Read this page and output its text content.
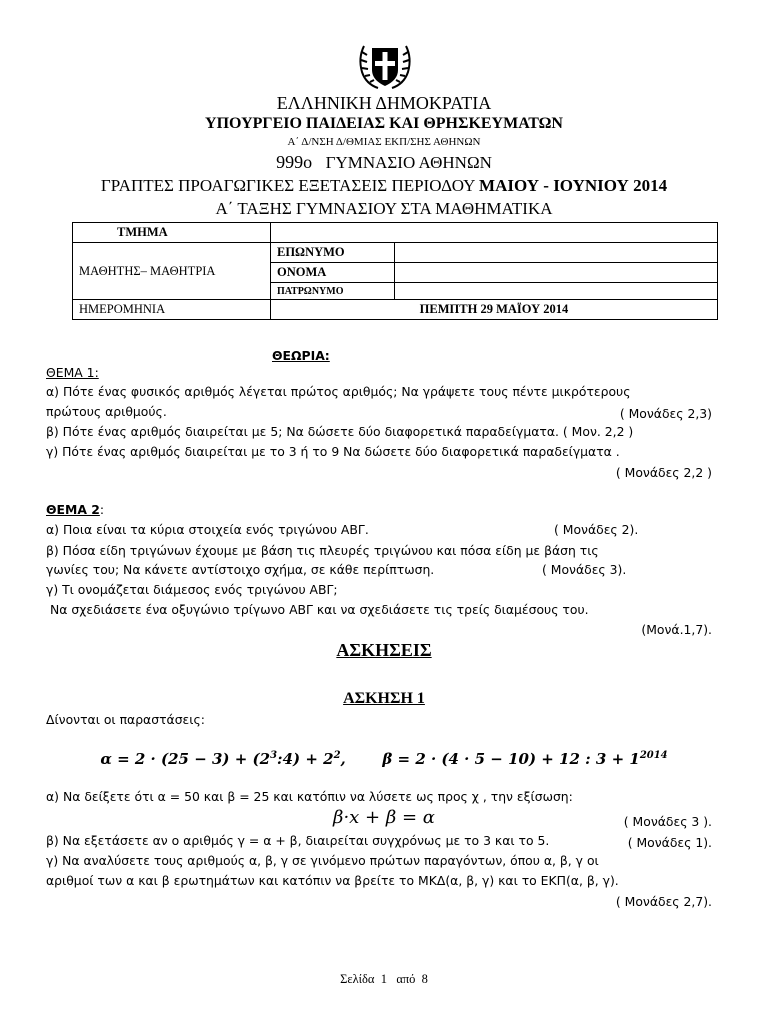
ΕΛΛΗΝΙΚΗ ΔΗΜΟΚΡΑΤΙΑ
ΥΠΟΥΡΓΕΙΟ ΠΑΙΔΕΙΑΣ ΚΑΙ ΘΡΗΣΚΕΥΜΑΤΩΝ
Α΄ Δ/ΝΣΗ Δ/ΘΜΙΑΣ ΕΚΠ/ΣΗΣ ΑΘΗΝΩΝ
999ο ΓΥΜΝΑΣΙΟ ΑΘΗΝΩΝ
ΓΡΑΠΤΕΣ ΠΡΟΑΓΩΓΙΚΕΣ ΕΞΕΤΑΣΕΙΣ ΠΕΡΙΟΔΟΥ ΜΑΙΟΥ - ΙΟΥΝΙΟΥ 2014
Α΄ ΤΑΞΗΣ ΓΥΜΝΑΣΙΟΥ ΣΤΑ ΜΑΘΗΜΑΤΙΚΑ
ΤΜΗΜΑ		
ΜΑΘΗΤΗΣ– ΜΑΘΗΤΡΙΑ	ΕΠΩΝΥΜΟ	
	ΟΝΟΜΑ	
	ΠΑΤΡΩΝΥΜΟ	
ΗΜΕΡΟΜΗΝΙΑ	ΠΕΜΠΤΗ 29 ΜΑΪΟΥ 2014	
ΘΕΩΡΙΑ:
ΘΕΜΑ 1:
α) Πότε ένας φυσικός αριθμός λέγεται πρώτος αριθμός; Να γράψετε τους πέντε μικρότερους
πρώτους αριθμούς.	( Μονάδες 2,3)
β) Πότε ένας αριθμός διαιρείται με 5; Να δώσετε δύο διαφορετικά παραδείγματα. ( Μον. 2,2 )
γ) Πότε ένας αριθμός διαιρείται με το 3 ή το 9 Να δώσετε δύο διαφορετικά παραδείγματα .
( Μονάδες 2,2 )
ΘΕΜΑ 2:
α) Ποια είναι τα κύρια στοιχεία ενός τριγώνου ΑΒΓ.	( Μονάδες 2).
β) Πόσα είδη τριγώνων έχουμε με βάση τις πλευρές τριγώνου και πόσα είδη με βάση τις
γωνίες του; Να κάνετε αντίστοιχο σχήμα, σε κάθε περίπτωση.	( Μονάδες 3).
γ) Τι ονομάζεται διάμεσος ενός τριγώνου ΑΒΓ;
Να σχεδιάσετε ένα οξυγώνιο τρίγωνο ΑΒΓ και να σχεδιάσετε τις τρείς διαμέσους του.
(Μονά.1,7).
ΑΣΚΗΣΕΙΣ
ΑΣΚΗΣΗ 1
Δίνονται οι παραστάσεις:
$\alpha = 2 \cdot (25 - 3) + (2^3:4) + 2^2$, β = 2 · (4 · 5 − 10) + 12 : $3 + 1^{2014}$
α) Να δείξετε ότι α = 50 και β = 25 και κατόπιν να λύσετε ως προς χ , την εξίσωση:
β·x + β = α	( Μονάδες 3 ).
β) Να εξετάσετε αν ο αριθμός γ = α + β, διαιρείται συγχρόνως με το 3 και το 5.	( Μονάδες 1).
γ) Να αναλύσετε τους αριθμούς α, β, γ σε γινόμενο πρώτων παραγόντων, όπου α, β, γ οι
αριθμοί των α και β ερωτημάτων και κατόπιν να βρείτε το ΜΚΔ(α, β, γ) και το ΕΚΠ(α, β, γ).
( Μονάδες 2,7).
Σελίδα  1   από  8
